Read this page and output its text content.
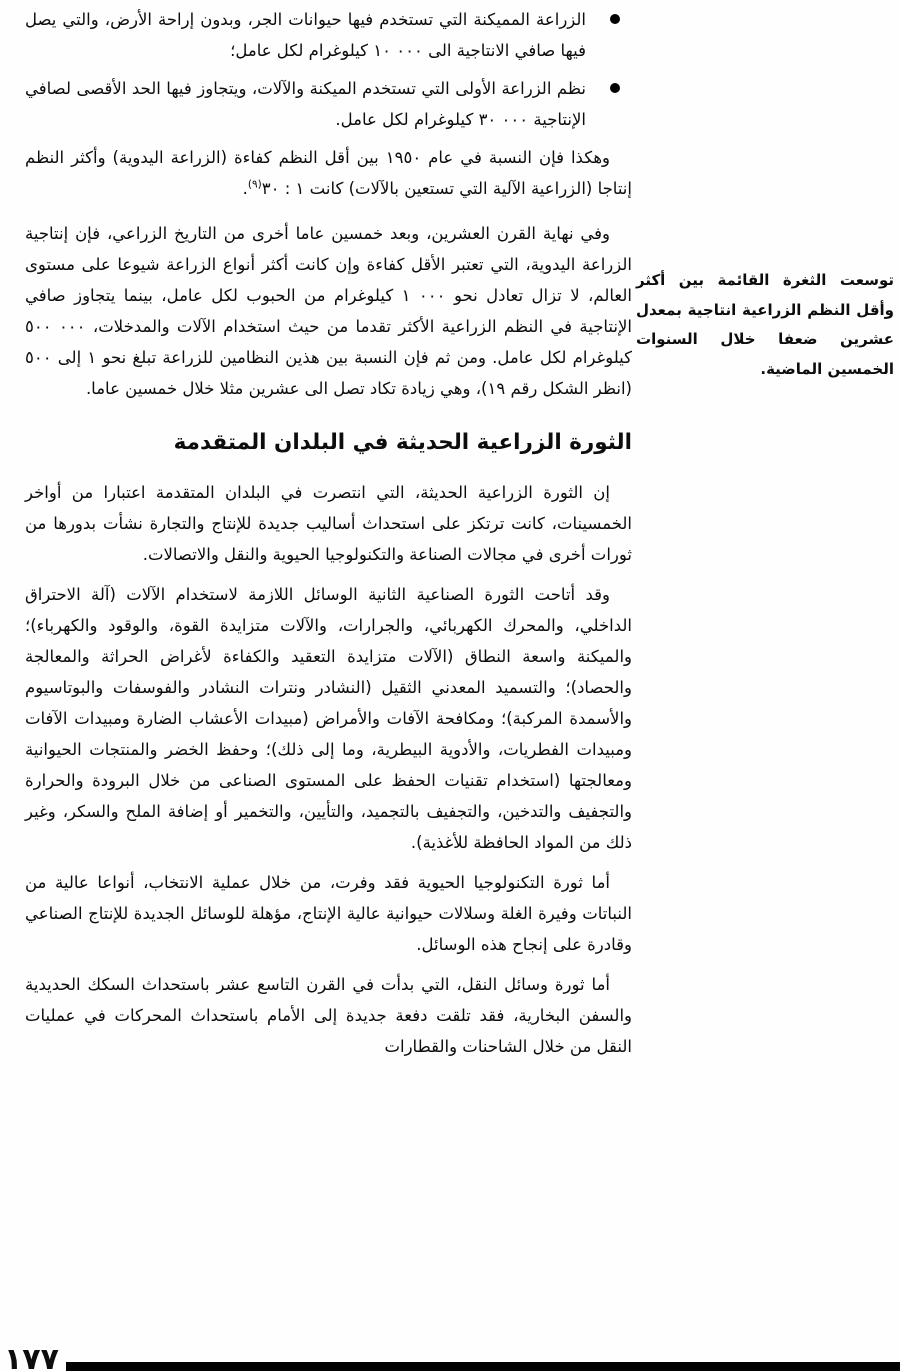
الزراعة المميكنة التي تستخدم فيها حيوانات الجر، وبدون إراحة الأرض، والتي يصل فيها صافي الانتاجية الى ١٠ ٠٠٠ كيلوغرام لكل عامل؛
نظم الزراعة الأولى التي تستخدم الميكنة والآلات، ويتجاوز فيها الحد الأقصى لصافي الإنتاجية ٣٠ ٠٠٠ كيلوغرام لكل عامل.

وهكذا فإن النسبة في عام ١٩٥٠ بين أقل النظم كفاءة (الزراعة اليدوية) وأكثر النظم إنتاجا (الزراعية الآلية التي تستعين بالآلات) كانت ١ : ٣٠$^{(٩)}$.

وفي نهاية القرن العشرين، وبعد خمسين عاما أخرى من التاريخ الزراعي، فإن إنتاجية الزراعة اليدوية، التي تعتبر الأقل كفاءة وإن كانت أكثر أنواع الزراعة شيوعا على مستوى العالم، لا تزال تعادل نحو ١ ٠٠٠ كيلوغرام من الحبوب لكل عامل، بينما يتجاوز صافي الإنتاجية في النظم الزراعية الأكثر تقدما من حيث استخدام الآلات والمدخلات، ٥٠٠ ٠٠٠ كيلوغرام لكل عامل. ومن ثم فإن النسبة بين هذين النظامين للزراعة تبلغ نحو ١ إلى ٥٠٠ (انظر الشكل رقم ١٩)، وهي زيادة تكاد تصل الى عشرين مثلا خلال خمسين عاما.

الثورة الزراعية الحديثة في البلدان المتقدمة

إن الثورة الزراعية الحديثة، التي انتصرت في البلدان المتقدمة اعتبارا من أواخر الخمسينات، كانت ترتكز على استحداث أساليب جديدة للإنتاج والتجارة نشأت بدورها من ثورات أخرى في مجالات الصناعة والتكنولوجيا الحيوية والنقل والاتصالات.

وقد أتاحت الثورة الصناعية الثانية الوسائل اللازمة لاستخدام الآلات (آلة الاحتراق الداخلي، والمحرك الكهربائي، والجرارات، والآلات متزايدة القوة، والوقود والكهرباء)؛ والميكنة واسعة النطاق (الآلات متزايدة التعقيد والكفاءة لأغراض الحراثة والمعالجة والحصاد)؛ والتسميد المعدني الثقيل (النشادر ونترات النشادر والفوسفات والبوتاسيوم والأسمدة المركبة)؛ ومكافحة الآفات والأمراض (مبيدات الأعشاب الضارة ومبيدات الآفات ومبيدات الفطريات، والأدوية البيطرية، وما إلى ذلك)؛ وحفظ الخضر والمنتجات الحيوانية ومعالجتها (استخدام تقنيات الحفظ على المستوى الصناعى من خلال البرودة والحرارة والتجفيف والتدخين، والتجفيف بالتجميد، والتأيين، والتخمير أو إضافة الملح والسكر، وغير ذلك من المواد الحافظة للأغذية).

أما ثورة التكنولوجيا الحيوية فقد وفرت، من خلال عملية الانتخاب، أنواعا عالية من النباتات وفيرة الغلة وسلالات حيوانية عالية الإنتاج، مؤهلة للوسائل الجديدة للإنتاج الصناعي وقادرة على إنجاح هذه الوسائل.

أما ثورة وسائل النقل، التي بدأت في القرن التاسع عشر باستحداث السكك الحديدية والسفن البخارية، فقد تلقت دفعة جديدة إلى الأمام باستحداث المحركات في عمليات النقل من خلال الشاحنات والقطارات

توسعت الثغرة القائمة بين أكثر وأقل النظم الزراعية انتاجية بمعدل عشرين ضعفا خلال السنوات الخمسين الماضية.
١٧٧
